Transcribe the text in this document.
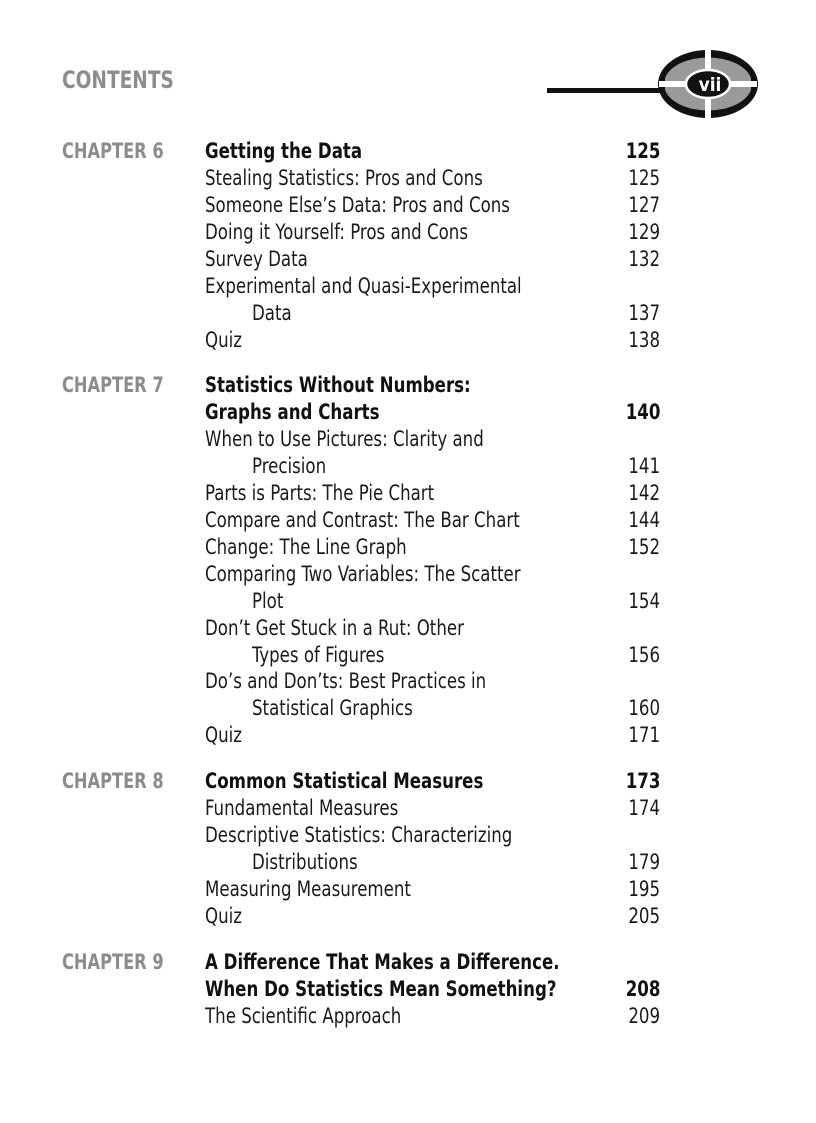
CONTENTS	vii
CHAPTER 6 Getting the Data	125
Stealing Statistics: Pros and Cons	125
Someone Else’s Data: Pros and Cons	127
Doing it Yourself: Pros and Cons	129
Survey Data	132
Experimental and Quasi-Experimental
Data	137
Quiz	138
CHAPTER 7 Statistics Without Numbers:
Graphs and Charts	140
When to Use Pictures: Clarity and
Precision	141
Parts is Parts: The Pie Chart	142
Compare and Contrast: The Bar Chart	144
Change: The Line Graph	152
Comparing Two Variables: The Scatter
Plot	154
Don’t Get Stuck in a Rut: Other
Types of Figures	156
Do’s and Don’ts: Best Practices in
Statistical Graphics	160
Quiz	171
CHAPTER 8 Common Statistical Measures	173
Fundamental Measures	174
Descriptive Statistics: Characterizing
Distributions	179
Measuring Measurement	195
Quiz	205
CHAPTER 9 A Difference That Makes a Difference.
When Do Statistics Mean Something?	208
The Scientific Approach	209
